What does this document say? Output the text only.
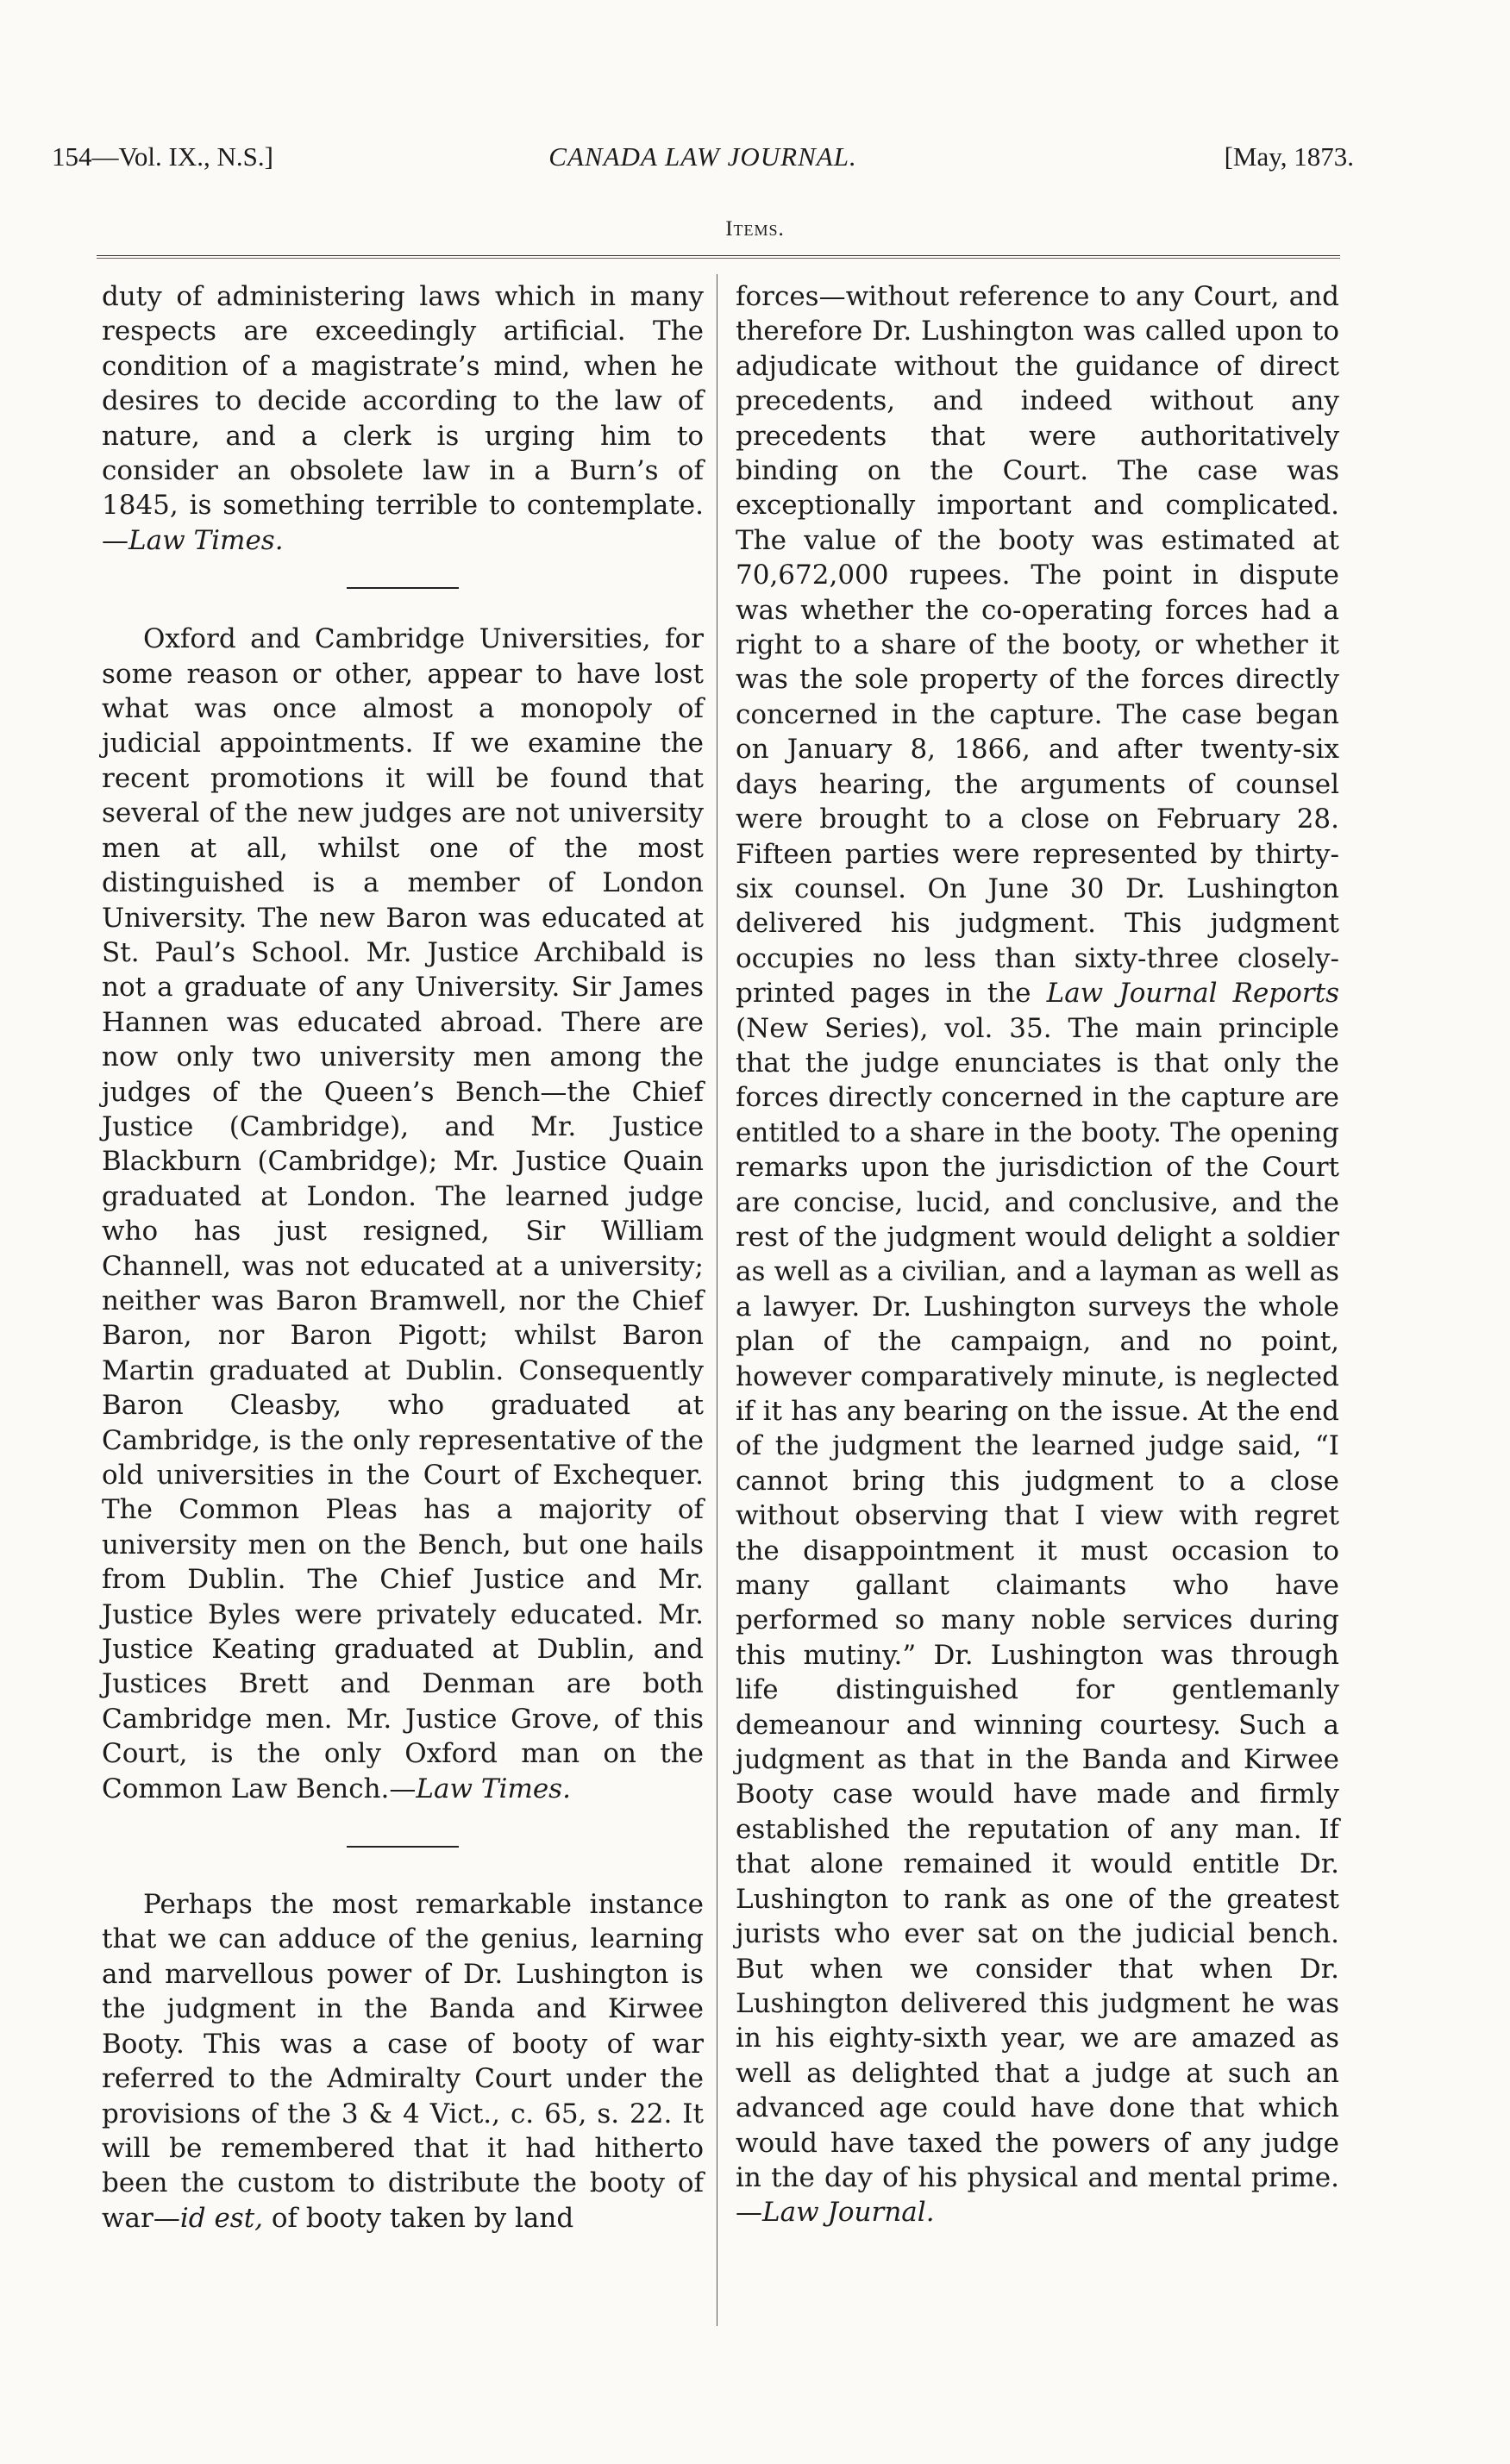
154—Vol. IX., N.S.]	CANADA LAW JOURNAL.	[May, 1873.
Items.

duty of administering laws which in many respects are exceedingly artificial. The condition of a magistrate’s mind, when he desires to decide according to the law of nature, and a clerk is urging him to consider an obsolete law in a Burn’s of 1845, is something terrible to contemplate.—Law Times.

Oxford and Cambridge Universities, for some reason or other, appear to have lost what was once almost a monopoly of judicial appointments. If we examine the recent promotions it will be found that several of the new judges are not university men at all, whilst one of the most distinguished is a member of London University. The new Baron was educated at St. Paul’s School. Mr. Justice Archibald is not a graduate of any University. Sir James Hannen was educated abroad. There are now only two university men among the judges of the Queen’s Bench—the Chief Justice (Cambridge), and Mr. Justice Blackburn (Cambridge); Mr. Justice Quain graduated at London. The learned judge who has just resigned, Sir William Channell, was not educated at a university; neither was Baron Bramwell, nor the Chief Baron, nor Baron Pigott; whilst Baron Martin graduated at Dublin. Consequently Baron Cleasby, who graduated at Cambridge, is the only representative of the old universities in the Court of Exchequer. The Common Pleas has a majority of university men on the Bench, but one hails from Dublin. The Chief Justice and Mr. Justice Byles were privately educated. Mr. Justice Keating graduated at Dublin, and Justices Brett and Denman are both Cambridge men. Mr. Justice Grove, of this Court, is the only Oxford man on the Common Law Bench.—Law Times.

Perhaps the most remarkable instance that we can adduce of the genius, learning and marvellous power of Dr. Lushington is the judgment in the Banda and Kirwee Booty. This was a case of booty of war referred to the Admiralty Court under the provisions of the 3 & 4 Vict., c. 65, s. 22. It will be remembered that it had hitherto been the custom to distribute the booty of war—id est, of booty taken by land

forces—without reference to any Court, and therefore Dr. Lushington was called upon to adjudicate without the guidance of direct precedents, and indeed without any precedents that were authoritatively binding on the Court. The case was exceptionally important and complicated. The value of the booty was estimated at 70,672,000 rupees. The point in dispute was whether the co-operating forces had a right to a share of the booty, or whether it was the sole property of the forces directly concerned in the capture. The case began on January 8, 1866, and after twenty-six days hearing, the arguments of counsel were brought to a close on February 28. Fifteen parties were represented by thirty-six counsel. On June 30 Dr. Lushington delivered his judgment. This judgment occupies no less than sixty-three closely-printed pages in the Law Journal Reports (New Series), vol. 35. The main principle that the judge enunciates is that only the forces directly concerned in the capture are entitled to a share in the booty. The opening remarks upon the jurisdiction of the Court are concise, lucid, and conclusive, and the rest of the judgment would delight a soldier as well as a civilian, and a layman as well as a lawyer. Dr. Lushington surveys the whole plan of the campaign, and no point, however comparatively minute, is neglected if it has any bearing on the issue. At the end of the judgment the learned judge said, “I cannot bring this judgment to a close without observing that I view with regret the disappointment it must occasion to many gallant claimants who have performed so many noble services during this mutiny.” Dr. Lushington was through life distinguished for gentlemanly demeanour and winning courtesy. Such a judgment as that in the Banda and Kirwee Booty case would have made and firmly established the reputation of any man. If that alone remained it would entitle Dr. Lushington to rank as one of the greatest jurists who ever sat on the judicial bench. But when we consider that when Dr. Lushington delivered this judgment he was in his eighty-sixth year, we are amazed as well as delighted that a judge at such an advanced age could have done that which would have taxed the powers of any judge in the day of his physical and mental prime.—Law Journal.
